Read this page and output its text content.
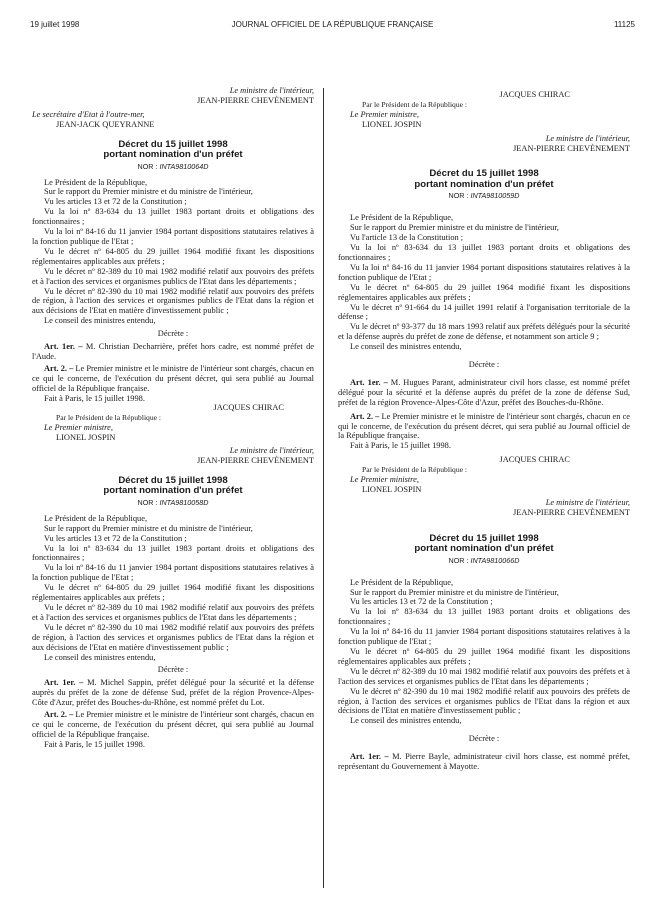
19 juillet 1998	JOURNAL OFFICIEL DE LA RÉPUBLIQUE FRANÇAISE	11125

Le ministre de l'intérieur,

JEAN-PIERRE CHEVÈNEMENT

Le secrétaire d'Etat à l'outre-mer,

JEAN-JACK QUEYRANNE

Décret du 15 juillet 1998
portant nomination d'un préfet
NOR : INTA9810064D

Le Président de la République,

Sur le rapport du Premier ministre et du ministre de l'intérieur,

Vu les articles 13 et 72 de la Constitution ;

Vu la loi nº 83-634 du 13 juillet 1983 portant droits et obligations des fonctionnaires ;

Vu la loi nº 84-16 du 11 janvier 1984 portant dispositions statutaires relatives à la fonction publique de l'Etat ;

Vu le décret nº 64-805 du 29 juillet 1964 modifié fixant les dispositions réglementaires applicables aux préfets ;

Vu le décret nº 82-389 du 10 mai 1982 modifié relatif aux pouvoirs des préfets et à l'action des services et organismes publics de l'Etat dans les départements ;

Vu le décret nº 82-390 du 10 mai 1982 modifié relatif aux pouvoirs des préfets de région, à l'action des services et organismes publics de l'Etat dans la région et aux décisions de l'Etat en matière d'investissement public ;

Le conseil des ministres entendu,

Décrète :

Art. 1er. – M. Christian Decharrière, préfet hors cadre, est nommé préfet de l'Aude.

Art. 2. – Le Premier ministre et le ministre de l'intérieur sont chargés, chacun en ce qui le concerne, de l'exécution du présent décret, qui sera publié au Journal officiel de la République française.

Fait à Paris, le 15 juillet 1998.

JACQUES CHIRAC

Par le Président de la République :

Le Premier ministre,

LIONEL JOSPIN

Le ministre de l'intérieur,

JEAN-PIERRE CHEVÈNEMENT

Décret du 15 juillet 1998
portant nomination d'un préfet
NOR : INTA9810058D

Le Président de la République,

Sur le rapport du Premier ministre et du ministre de l'intérieur,

Vu les articles 13 et 72 de la Constitution ;

Vu la loi nº 83-634 du 13 juillet 1983 portant droits et obligations des fonctionnaires ;

Vu la loi nº 84-16 du 11 janvier 1984 portant dispositions statutaires relatives à la fonction publique de l'Etat ;

Vu le décret nº 64-805 du 29 juillet 1964 modifié fixant les dispositions réglementaires applicables aux préfets ;

Vu le décret nº 82-389 du 10 mai 1982 modifié relatif aux pouvoirs des préfets et à l'action des services et organismes publics de l'Etat dans les départements ;

Vu le décret nº 82-390 du 10 mai 1982 modifié relatif aux pouvoirs des préfets de région, à l'action des services et organismes publics de l'Etat dans la région et aux décisions de l'Etat en matière d'investissement public ;

Le conseil des ministres entendu,

Décrète :

Art. 1er. – M. Michel Sappin, préfet délégué pour la sécurité et la défense auprès du préfet de la zone de défense Sud, préfet de la région Provence-Alpes-Côte d'Azur, préfet des Bouches-du-Rhône, est nommé préfet du Lot.

Art. 2. – Le Premier ministre et le ministre de l'intérieur sont chargés, chacun en ce qui le concerne, de l'exécution du présent décret, qui sera publié au Journal officiel de la République française.

Fait à Paris, le 15 juillet 1998.

JACQUES CHIRAC

Par le Président de la République :

Le Premier ministre,

LIONEL JOSPIN

Le ministre de l'intérieur,

JEAN-PIERRE CHEVÈNEMENT

Décret du 15 juillet 1998
portant nomination d'un préfet
NOR : INTA9810059D

Le Président de la République,

Sur le rapport du Premier ministre et du ministre de l'intérieur,

Vu l'article 13 de la Constitution ;

Vu la loi nº 83-634 du 13 juillet 1983 portant droits et obligations des fonctionnaires ;

Vu la loi nº 84-16 du 11 janvier 1984 portant dispositions statutaires relatives à la fonction publique de l'Etat ;

Vu le décret nº 64-805 du 29 juillet 1964 modifié fixant les dispositions réglementaires applicables aux préfets ;

Vu le décret nº 91-664 du 14 juillet 1991 relatif à l'organisation territoriale de la défense ;

Vu le décret nº 93-377 du 18 mars 1993 relatif aux préfets délégués pour la sécurité et la défense auprès du préfet de zone de défense, et notamment son article 9 ;

Le conseil des ministres entendu,

Décrète :

Art. 1er. – M. Hugues Parant, administrateur civil hors classe, est nommé préfet délégué pour la sécurité et la défense auprès du préfet de la zone de défense Sud, préfet de la région Provence-Alpes-Côte d'Azur, préfet des Bouches-du-Rhône.

Art. 2. – Le Premier ministre et le ministre de l'intérieur sont chargés, chacun en ce qui le concerne, de l'exécution du présent décret, qui sera publié au Journal officiel de la République française.

Fait à Paris, le 15 juillet 1998.

JACQUES CHIRAC

Par le Président de la République :

Le Premier ministre,

LIONEL JOSPIN

Le ministre de l'intérieur,

JEAN-PIERRE CHEVÈNEMENT

Décret du 15 juillet 1998
portant nomination d'un préfet
NOR : INTA9810066D

Le Président de la République,

Sur le rapport du Premier ministre et du ministre de l'intérieur,

Vu les articles 13 et 72 de la Constitution ;

Vu la loi nº 83-634 du 13 juillet 1983 portant droits et obligations des fonctionnaires ;

Vu la loi nº 84-16 du 11 janvier 1984 portant dispositions statutaires relatives à la fonction publique de l'Etat ;

Vu le décret nº 64-805 du 29 juillet 1964 modifié fixant les dispositions réglementaires applicables aux préfets ;

Vu le décret nº 82-389 du 10 mai 1982 modifié relatif aux pouvoirs des préfets et à l'action des services et organismes publics de l'Etat dans les départements ;

Vu le décret nº 82-390 du 10 mai 1982 modifié relatif aux pouvoirs des préfets de région, à l'action des services et organismes publics de l'Etat dans la région et aux décisions de l'Etat en matière d'investissement public ;

Le conseil des ministres entendu,

Décrète :

Art. 1er. – M. Pierre Bayle, administrateur civil hors classe, est nommé préfet, représentant du Gouvernement à Mayotte.
